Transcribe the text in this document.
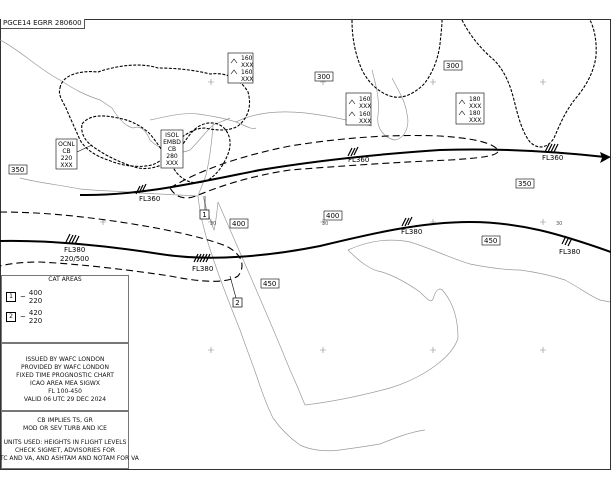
30	30	30
FL360
FL360	FL360
FL380
220/500
FL380
FL380
FL380
300
300
350
350
400
400
450
450
OCNL
CB
220
XXX
ISOL
EMBD
CB
280
XXX
160
XXX
160
XXX
160
XXX
160
XXX
180
XXX
180
XXX
1
2
PGCE14 EGRR 280600
CAT AREAS
1	~ 400
220
2	~ 420
220
ISSUED BY WAFC LONDON
PROVIDED BY WAFC LONDON
FIXED TIME PROGNOSTIC CHART
ICAO AREA MEA SIGWX
FL 100-450
VALID 06 UTC 29 DEC 2024
CB IMPLIES TS, GR
MOD OR SEV TURB AND ICE
UNITS USED: HEIGHTS IN FLIGHT LEVELS
CHECK SIGMET, ADVISORIES FOR
TC AND VA, AND ASHTAM AND NOTAM FOR VA
